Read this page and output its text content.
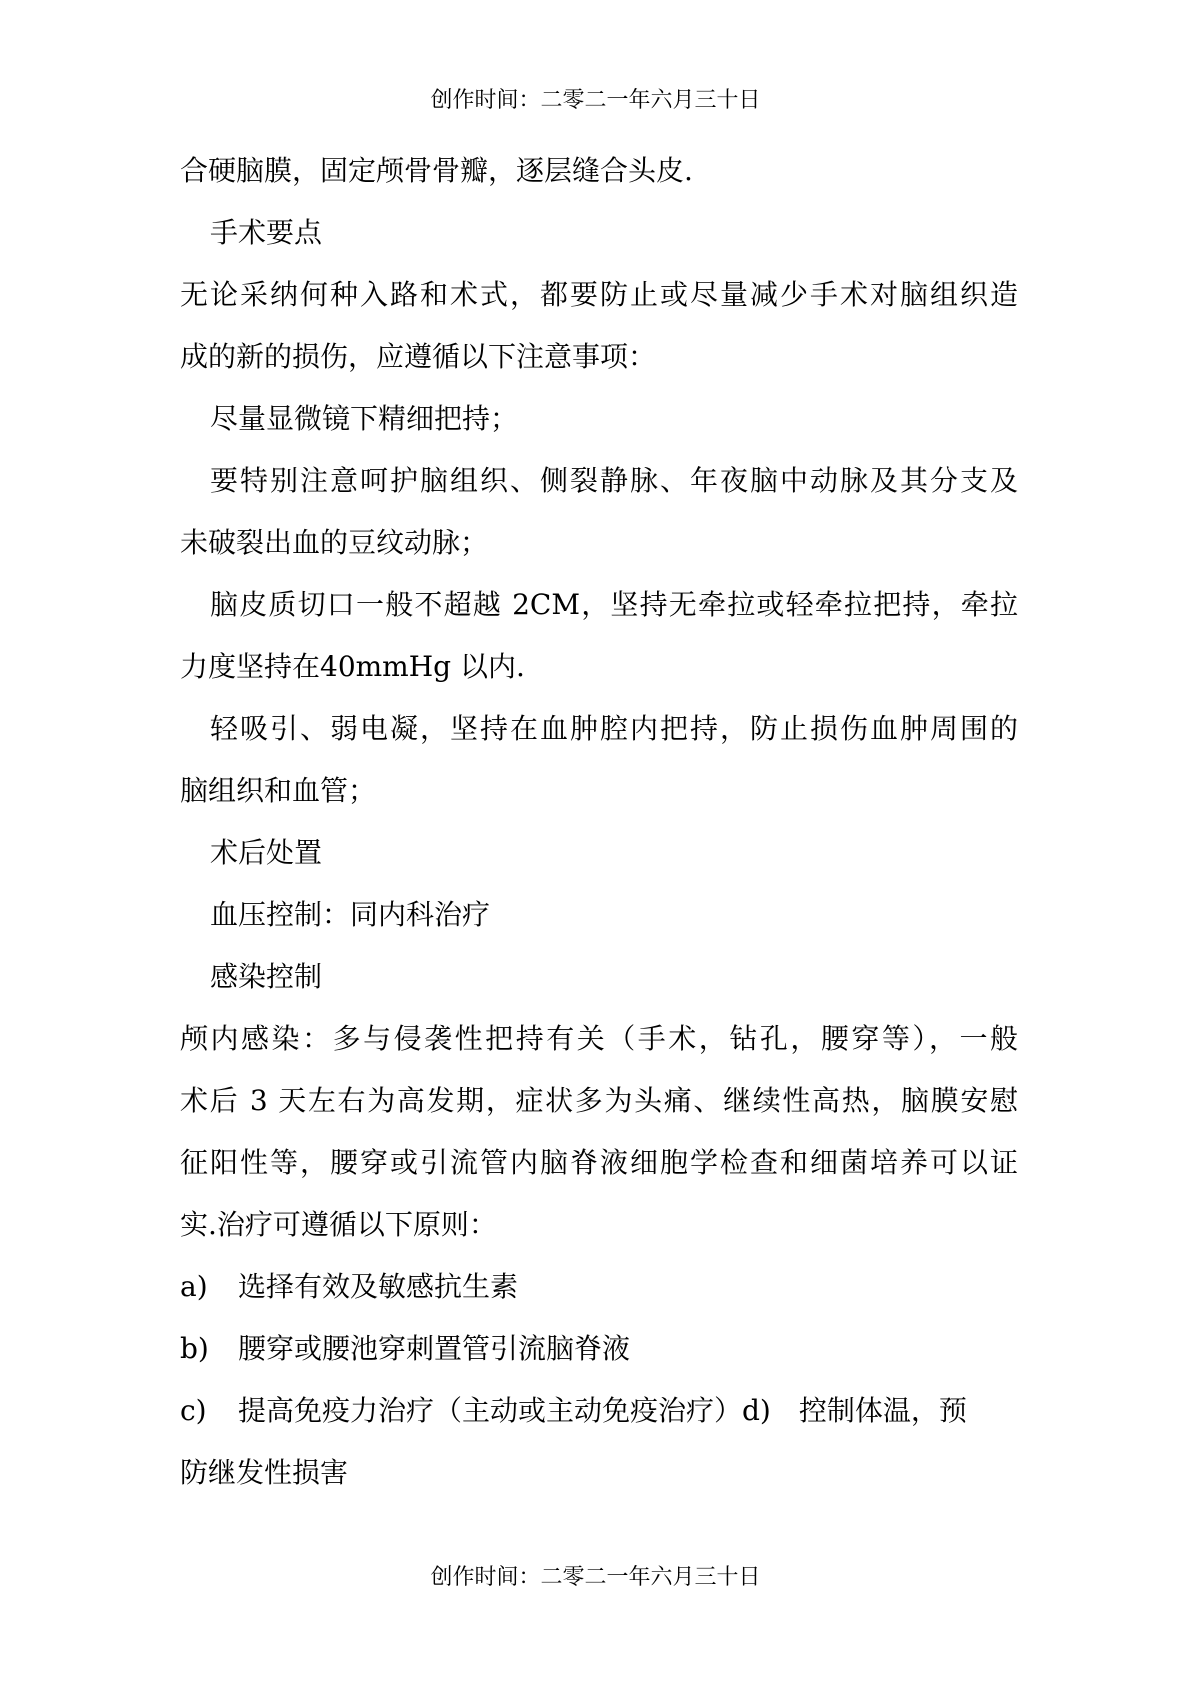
创作时间：二零二一年六月三十日
合硬脑膜，固定颅骨骨瓣，逐层缝合头皮.
手术要点
无论采纳何种入路和术式，都要防止或尽量减少手术对脑组织造
成的新的损伤，应遵循以下注意事项：
尽量显微镜下精细把持；
要特别注意呵护脑组织、侧裂静脉、年夜脑中动脉及其分支及
未破裂出血的豆纹动脉；
脑皮质切口一般不超越 2CM，坚持无牵拉或轻牵拉把持，牵拉
力度坚持在40mmHg 以内.
轻吸引、弱电凝，坚持在血肿腔内把持，防止损伤血肿周围的
脑组织和血管；
术后处置
血压控制：同内科治疗
感染控制
颅内感染：多与侵袭性把持有关（手术，钻孔，腰穿等），一般
术后 3 天左右为高发期，症状多为头痛、继续性高热，脑膜安慰
征阳性等，腰穿或引流管内脑脊液细胞学检查和细菌培养可以证
实.治疗可遵循以下原则：
a)	选择有效及敏感抗生素
b)	腰穿或腰池穿刺置管引流脑脊液
c)	提高免疫力治疗（主动或主动免疫治疗）d)　控制体温，预
防继发性损害
创作时间：二零二一年六月三十日
